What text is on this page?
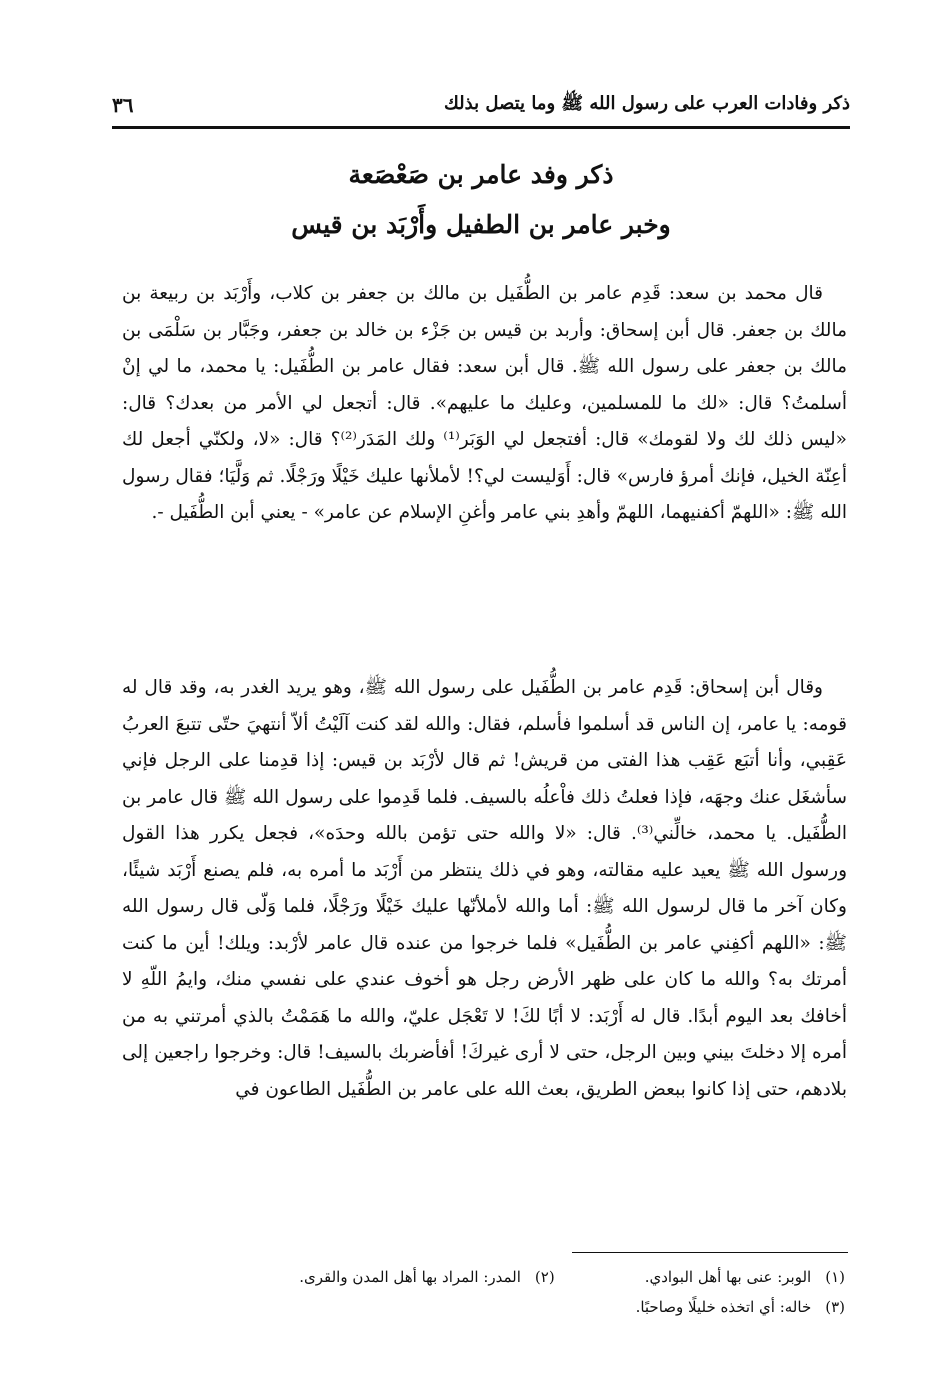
٣٦	ذكر وفادات العرب على رسول الله ﷺ وما يتصل بذلك
ذكر وفد عامر بن صَعْصَعة
وخبر عامر بن الطفيل وأَرْبَد بن قيس

قال محمد بن سعد: قَدِم عامر بن الطُّفَيل بن مالك بن جعفر بن كلاب، وأَرْبَد بن ربيعة بن مالك بن جعفر. قال أبن إسحاق: وأربد بن قيس بن جَزْء بن خالد بن جعفر، وجَبَّار بن سَلْمَى بن مالك بن جعفر على رسول الله ﷺ. قال أبن سعد: فقال عامر بن الطُّفَيل: يا محمد، ما لي إنْ أسلمتُ؟ قال: «لك ما للمسلمين، وعليك ما عليهم». قال: أتجعل لي الأمر من بعدك؟ قال: «ليس ذلك لك ولا لقومك» قال: أفتجعل لي الوَبَر⁽¹⁾ ولك المَدَر⁽²⁾؟ قال: «لا، ولكنّي أجعل لك أعِنّة الخيل، فإنك أمرؤ فارس» قال: أَوَليست لي؟! لأملأنها عليك خَيْلًا ورَجْلًا. ثم وَلَّيَا؛ فقال رسول الله ﷺ: «اللهمّ أكفنيهما، اللهمّ وأهدِ بني عامر وأغنِ الإسلام عن عامر» - يعني أبن الطُّفَيل -.

وقال أبن إسحاق: قَدِم عامر بن الطُّفَيل على رسول الله ﷺ، وهو يريد الغدر به، وقد قال له قومه: يا عامر، إن الناس قد أسلموا فأسلم، فقال: والله لقد كنت آلَيْتُ ألاّ أنتهيَ حتّى تتبعَ العربُ عَقِبي، وأنا أتبَع عَقِب هذا الفتى من قريش! ثم قال لأرْبَد بن قيس: إذا قدِمنا على الرجل فإني سأشغَل عنك وجهَه، فإذا فعلتُ ذلك فاْعلُه بالسيف. فلما قَدِموا على رسول الله ﷺ قال عامر بن الطُّفَيل. يا محمد، خالِّني⁽³⁾. قال: «لا والله حتى تؤمن بالله وحدَه»، فجعل يكرر هذا القول ورسول الله ﷺ يعيد عليه مقالته، وهو في ذلك ينتظر من أَرْبَد ما أمره به، فلم يصنع أَرْبَد شيئًا، وكان آخر ما قال لرسول الله ﷺ: أما والله لأملأنّها عليك خَيْلًا ورَجْلًا، فلما وَلّى قال رسول الله ﷺ: «اللهم أكفِني عامر بن الطُّفَيل» فلما خرجوا من عنده قال عامر لأرْبد: ويلك! أين ما كنت أمرتك به؟ والله ما كان على ظهر الأرض رجل هو أخوف عندي على نفسي منك، وايمُ اللّهِ لا أخافك بعد اليوم أبدًا. قال له أَرْبَد: لا أبًا لكَ! لا تَعْجَل عليّ، والله ما هَمَمْتُ بالذي أمرتني به من أمره إلا دخلتَ بيني وبين الرجل، حتى لا أرى غيركَ! أفأضربك بالسيف! قال: وخرجوا راجعين إلى بلادهم، حتى إذا كانوا ببعض الطريق، بعث الله على عامر بن الطُّفَيل الطاعون في

(١)الوبر: عنى بها أهل البوادي.
(٢)المدر: المراد بها أهل المدن والقرى.
(٣)خاله: أي اتخذه خليلًا وصاحبًا.
